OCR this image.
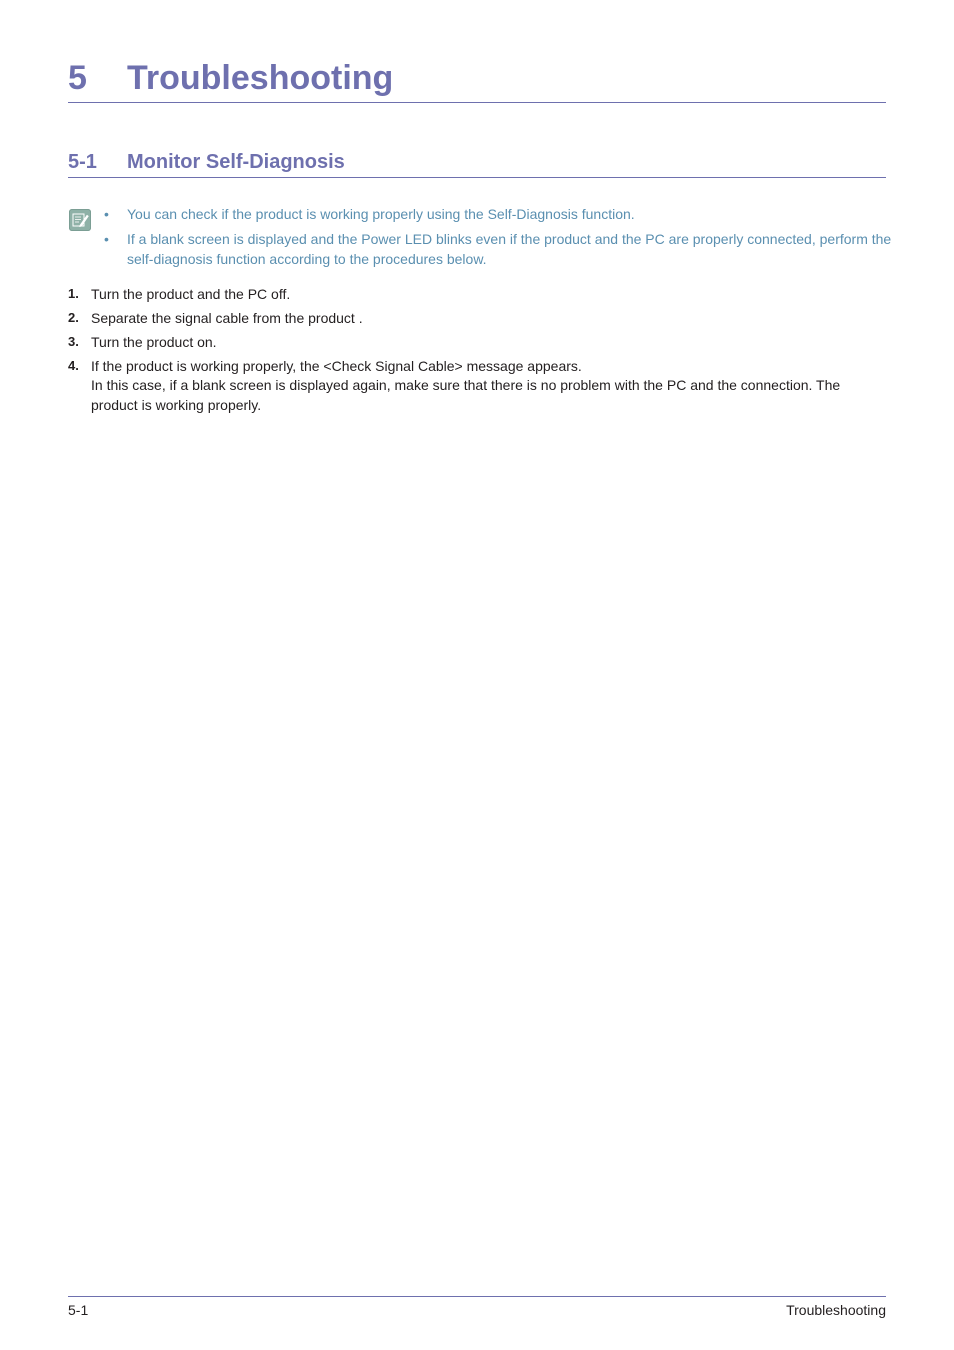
5 Troubleshooting
5-1 Monitor Self-Diagnosis
•	You can check if the product is working properly using the Self-Diagnosis function.
•	If a blank screen is displayed and the Power LED blinks even if the product and the PC are properly connected, perform the self-diagnosis function according to the procedures below.
1. Turn the product and the PC off.
2. Separate the signal cable from the product .
3. Turn the product on.
4. If the product is working properly, the <Check Signal Cable> message appears.
In this case, if a blank screen is displayed again, make sure that there is no problem with the PC and the connection. The product is working properly.
5-1	Troubleshooting
